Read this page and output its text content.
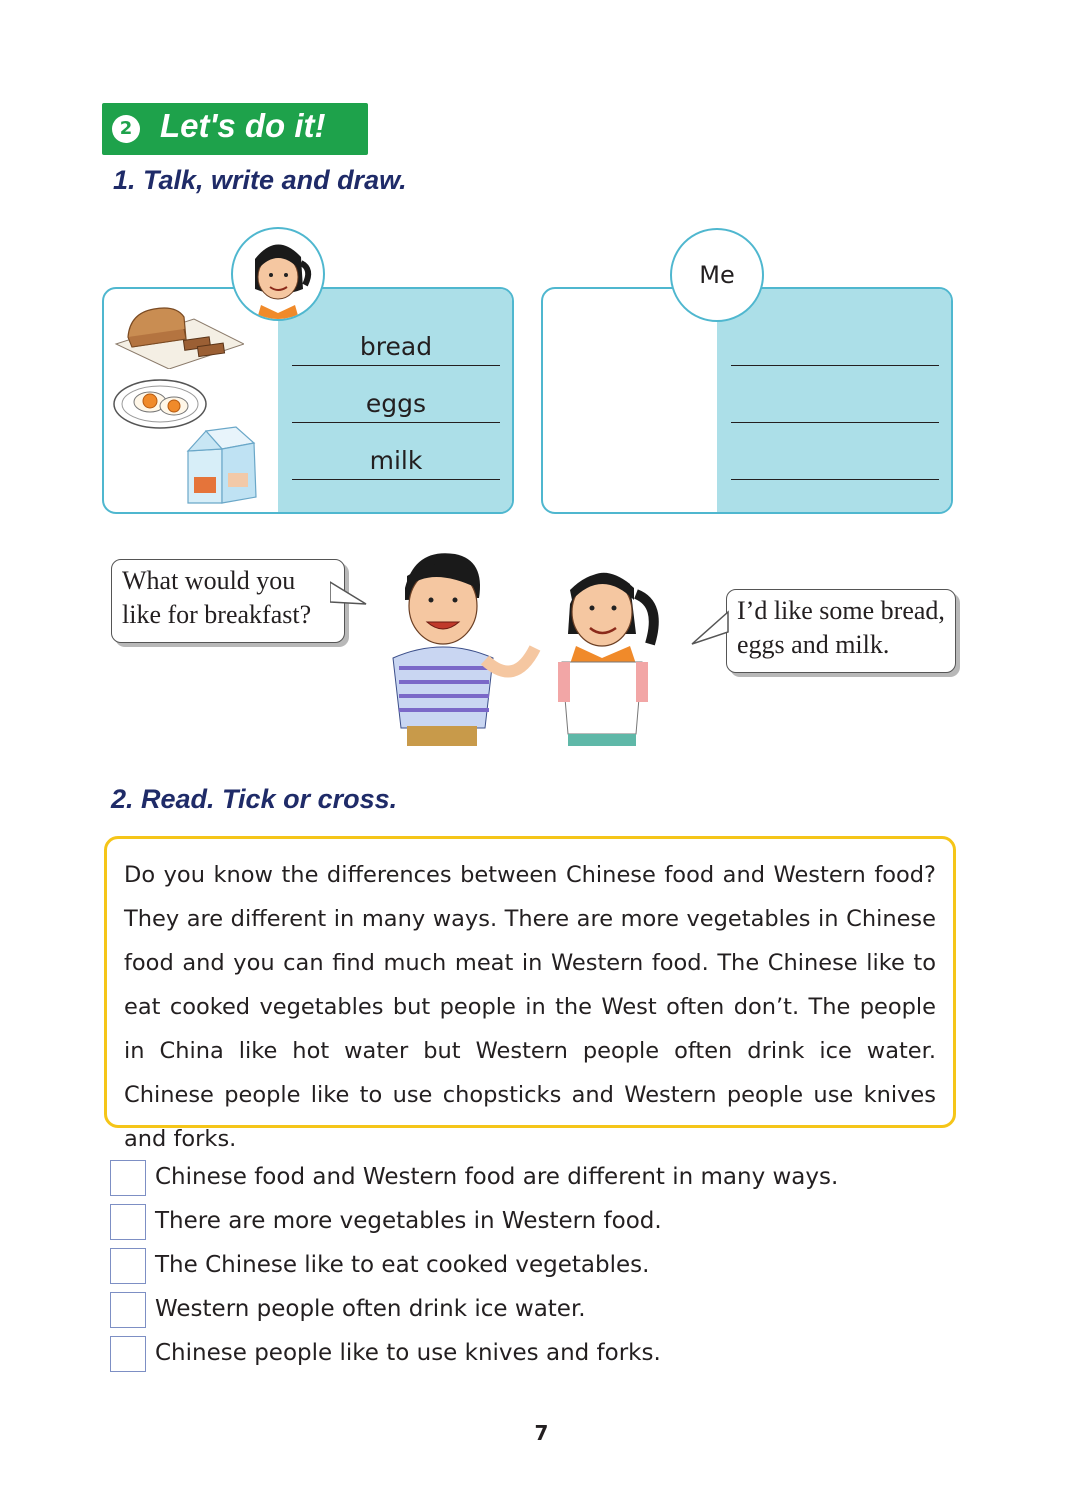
2 Let's do it!
1. Talk, write and draw.
bread
eggs
milk
Me
What would you
like for breakfast?	I’d like some bread,
eggs and milk.
2. Read. Tick or cross.
Do you know the differences between Chinese food and Western food? They are different in many ways. There are more vegetables in Chinese food and you can find much meat in Western food. The Chinese like to eat cooked vegetables but people in the West often don’t. The people in China like hot water but Western people often drink ice water. Chinese people like to use chopsticks and Western people use knives and forks.
Chinese food and Western food are different in many ways.
There are more vegetables in Western food.
The Chinese like to eat cooked vegetables.
Western people often drink ice water.
Chinese people like to use knives and forks.
7
